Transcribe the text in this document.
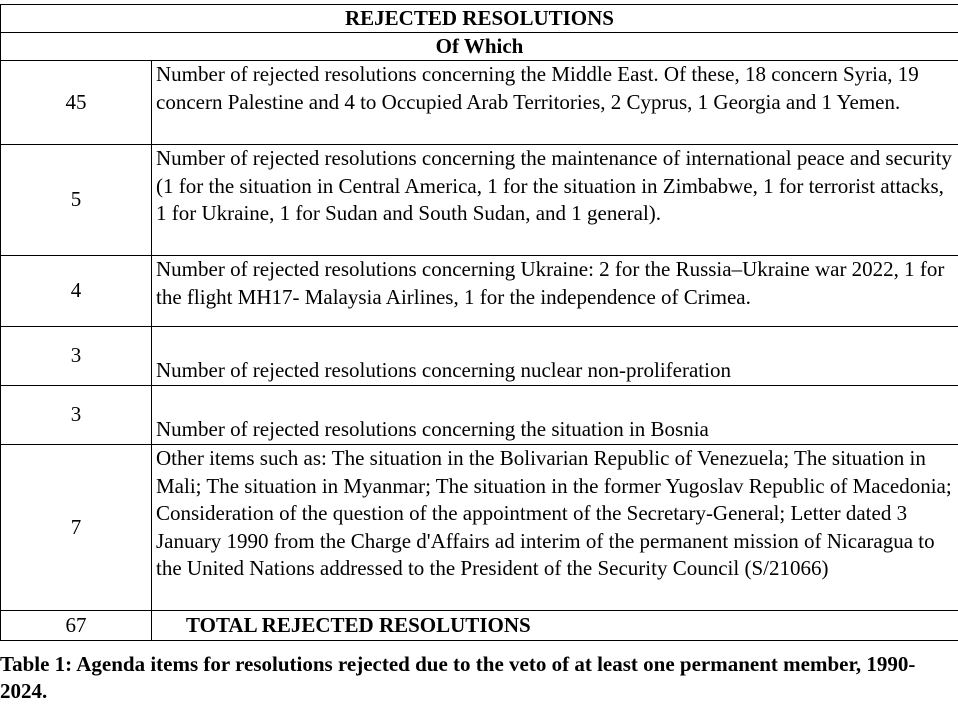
REJECTED RESOLUTIONS	
Of Which	
45	Number of rejected resolutions concerning the Middle East. Of these, 18 concern Syria, 19 concern Palestine and 4 to Occupied Arab Territories, 2 Cyprus, 1 Georgia and 1 Yemen.
5	Number of rejected resolutions concerning the maintenance of international peace and security (1 for the situation in Central America, 1 for the situation in Zimbabwe, 1 for terrorist attacks, 1 for Ukraine, 1 for Sudan and South Sudan, and 1 general).
4	Number of rejected resolutions concerning Ukraine: 2 for the Russia–Ukraine war 2022, 1 for the flight MH17- Malaysia Airlines, 1 for the independence of Crimea.
3	Number of rejected resolutions concerning nuclear non-proliferation

3	Number of rejected resolutions concerning the situation in Bosnia

7	Other items such as: The situation in the Bolivarian Republic of Venezuela; The situation in Mali; The situation in Myanmar; The situation in the former Yugoslav Republic of Macedonia; Consideration of the question of the appointment of the Secretary-General; Letter dated 3 January 1990 from the Charge d'Affairs ad interim of the permanent mission of Nicaragua to the United Nations addressed to the President of the Security Council (S/21066)
67	TOTAL REJECTED RESOLUTIONS
Table 1: Agenda items for resolutions rejected due to the veto of at least one permanent member, 1990-2024.
